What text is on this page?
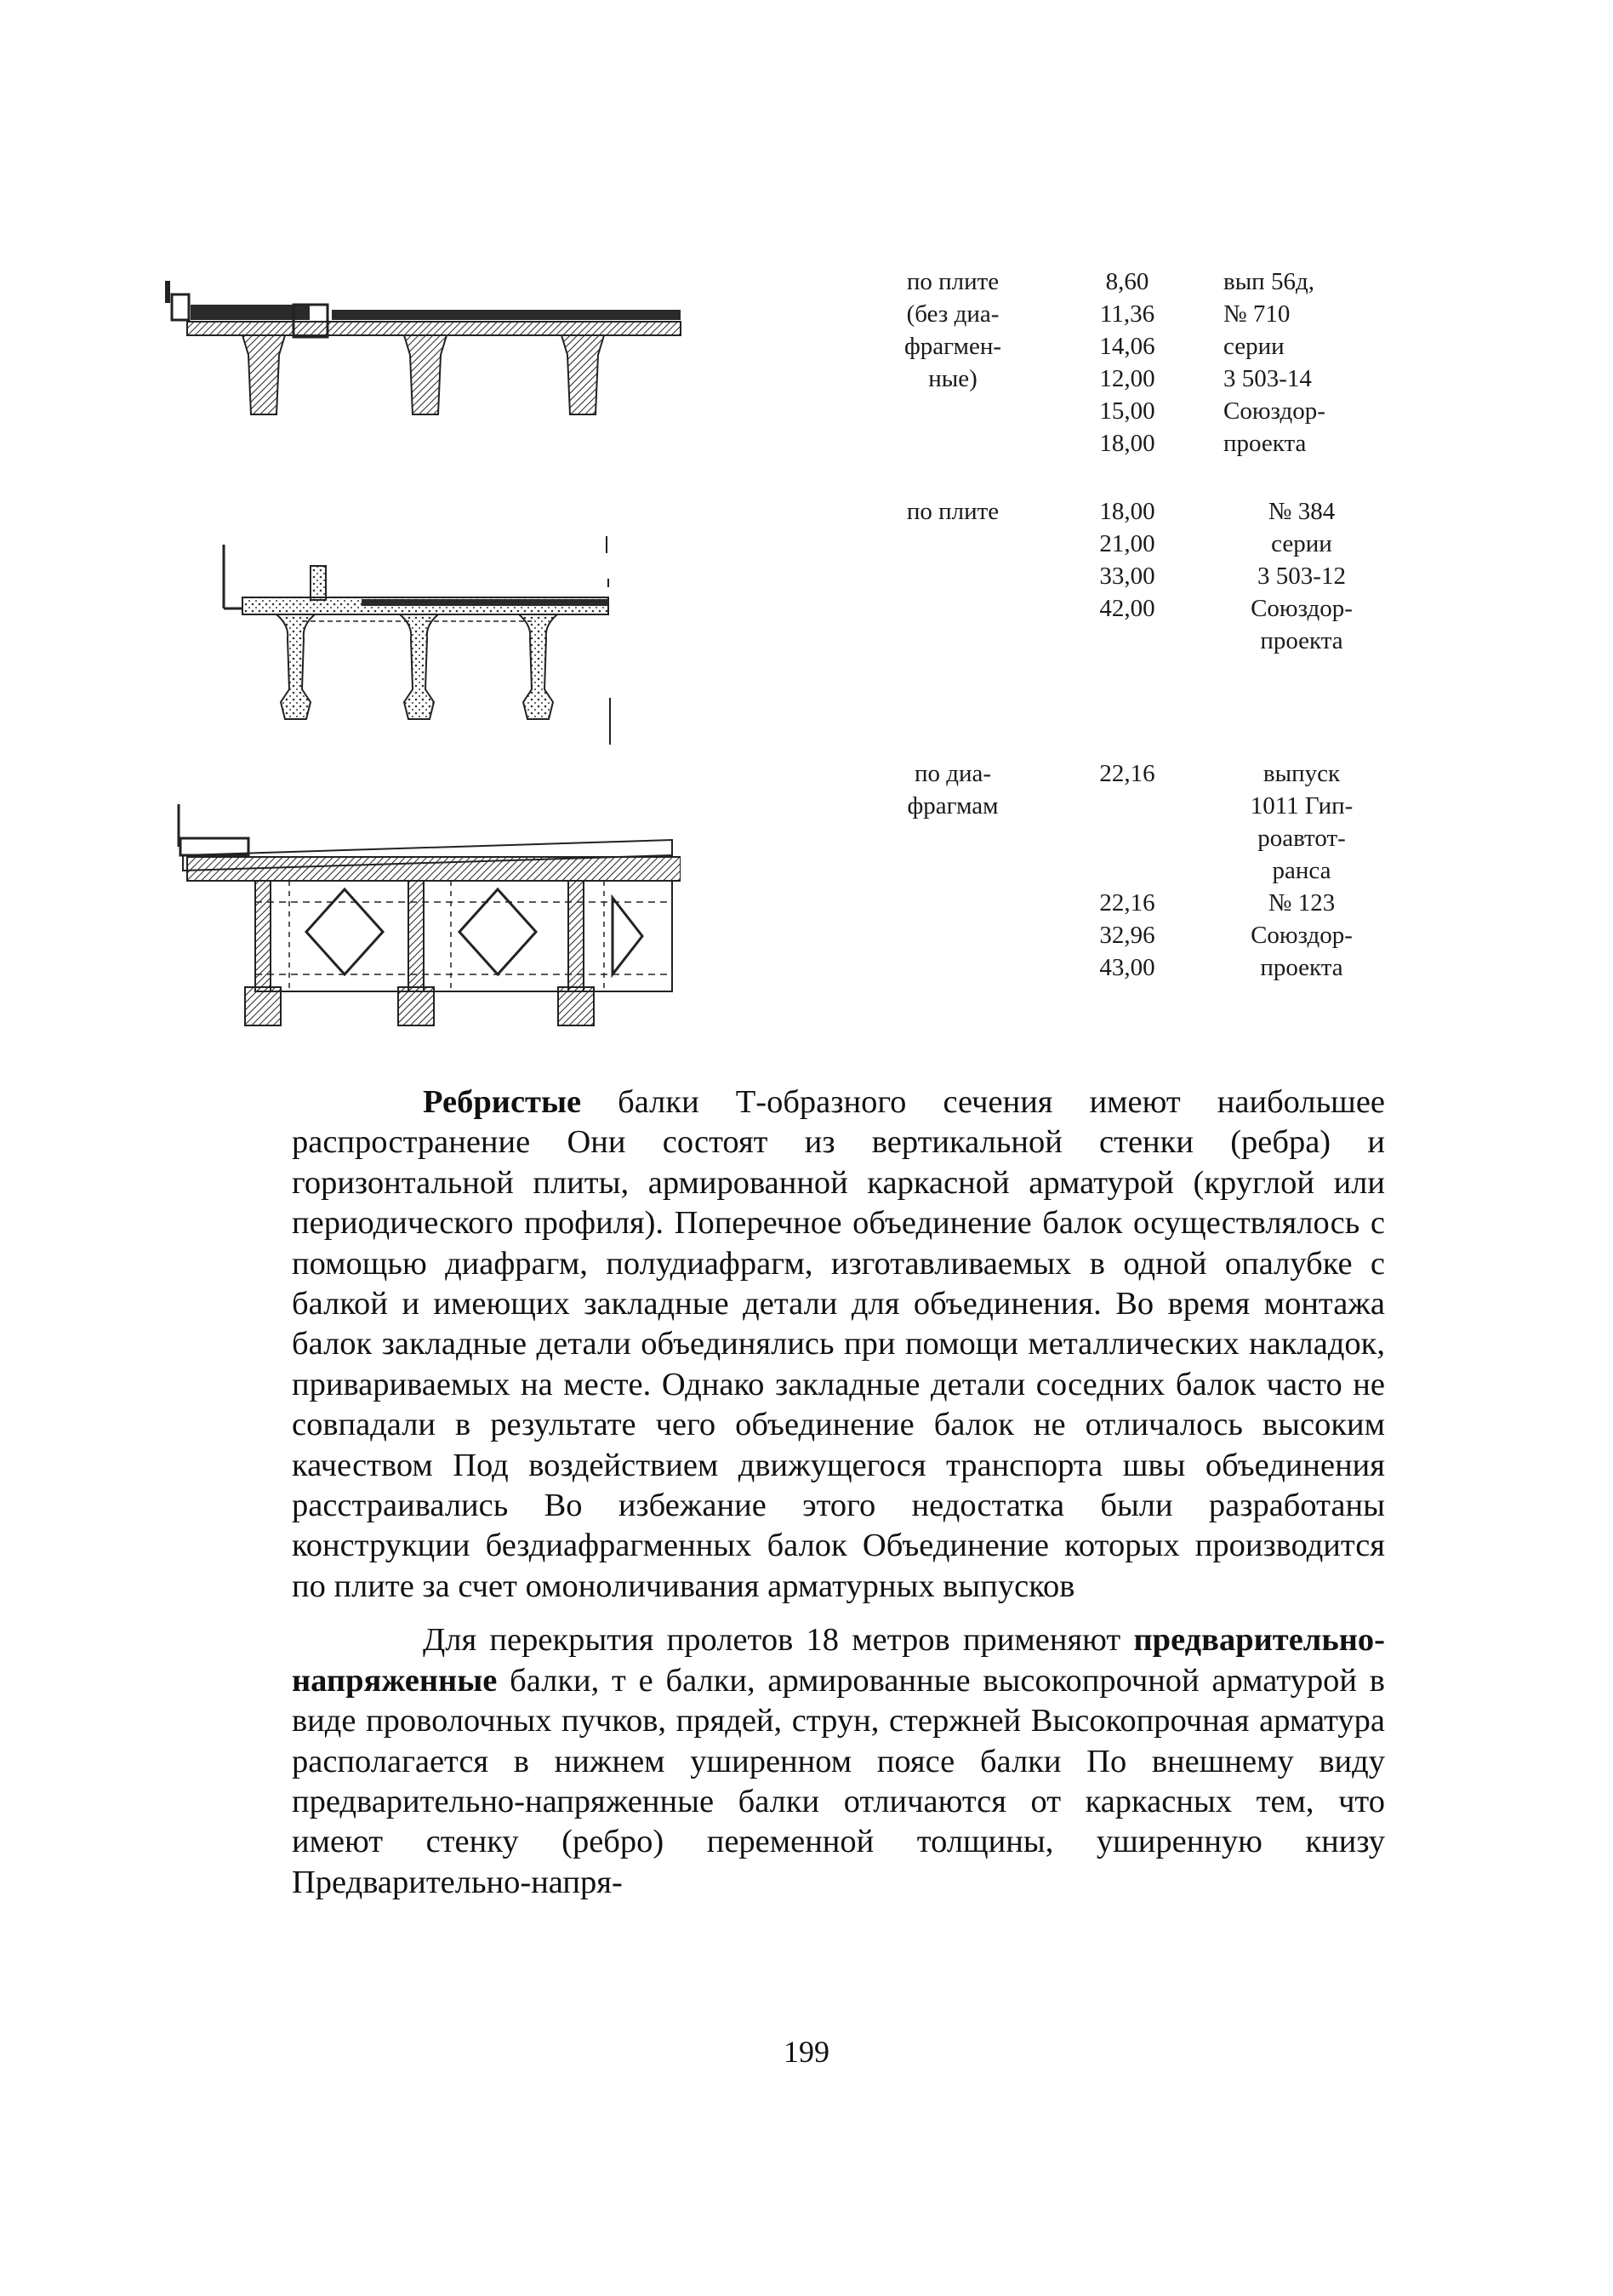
по плите
(без диа-
фрагмен-
ные)
8,60
11,36
14,06
12,00
15,00
18,00
вып 56д,
№ 710
серии
3 503-14
Союздор-
проекта
по плите	18,00
21,00
33,00
42,00
№ 384
серии
3 503-12
Союздор-
проекта
по диа-
фрагмам
22,16

22,16
32,96
43,00
выпуск
1011 Гип-
роавтот-
ранса
№ 123
Союздор-
проекта

Ребристые балки Т-образного сечения имеют наибольшее распространение Они состоят из вертикальной стенки (ребра) и горизонтальной плиты, армированной каркасной арматурой (круглой или периодического профиля). Поперечное объединение балок осуществлялось с помощью диафрагм, полудиафрагм, изготавливаемых в одной опалубке с балкой и имеющих закладные детали для объединения. Во время монтажа балок закладные детали объединялись при помощи металлических накладок, привариваемых на месте. Однако закладные детали соседних балок часто не совпадали в результате чего объединение балок не отличалось высоким качеством Под воздействием движущегося транспорта швы объединения расстраивались Во избежание этого недостатка были разработаны конструкции бездиафрагменных балок Объединение которых производится по плите за счет омоноличивания арматурных выпусков

Для перекрытия пролетов 18 метров применяют предварительно-напряженные балки, т е балки, армированные высокопрочной арматурой в виде проволочных пучков, прядей, струн, стержней Высокопрочная арматура располагается в нижнем уширенном поясе балки По внешнему виду предварительно-напряженные балки отличаются от каркасных тем, что имеют стенку (ребро) переменной толщины, уширенную книзу Предварительно-напря-

199
